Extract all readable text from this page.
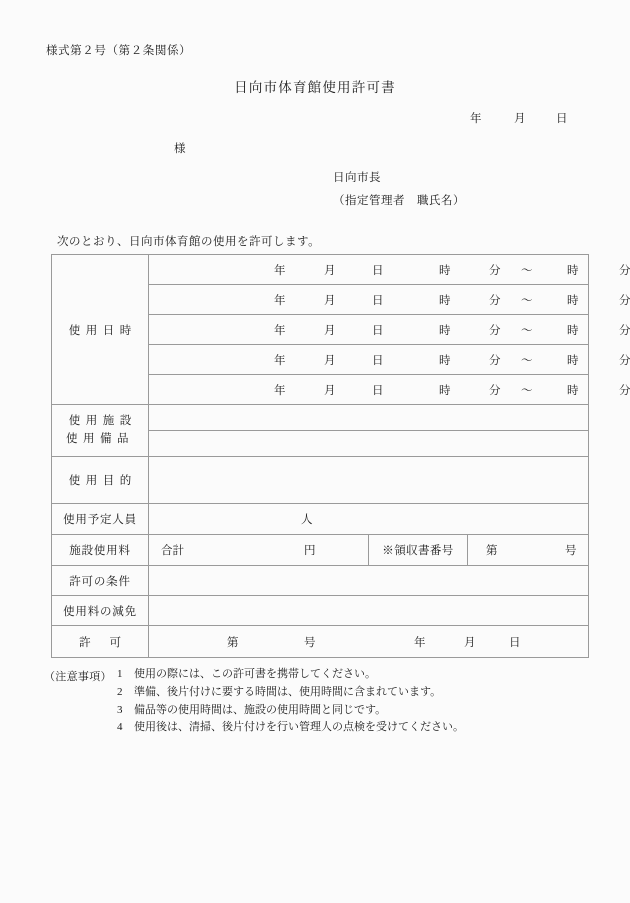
様式第２号（第２条関係）
日向市体育館使用許可書
年	月	日
様
日向市長
（指定管理者　職氏名）
次のとおり、日向市体育館の使用を許可します。
使用日時

年	月	日	時	分 〜	時	分

年	月	日	時	分 〜	時	分

年	月	日	時	分 〜	時	分

年	月	日	時	分 〜	時	分

年	月	日	時	分 〜	時	分

使用施設
使用備品			

使用目的			

使用予定人員	人		

施設使用料	合計 円	※領収書番号	第 号

許可の条件			

使用料の減免			

許可	第 号 年 月 日		
（注意事項） 1 使用の際には、この許可書を携帯してください。
2 準備、後片付けに要する時間は、使用時間に含まれています。
3 備品等の使用時間は、施設の使用時間と同じです。
4 使用後は、清掃、後片付けを行い管理人の点検を受けてください。
